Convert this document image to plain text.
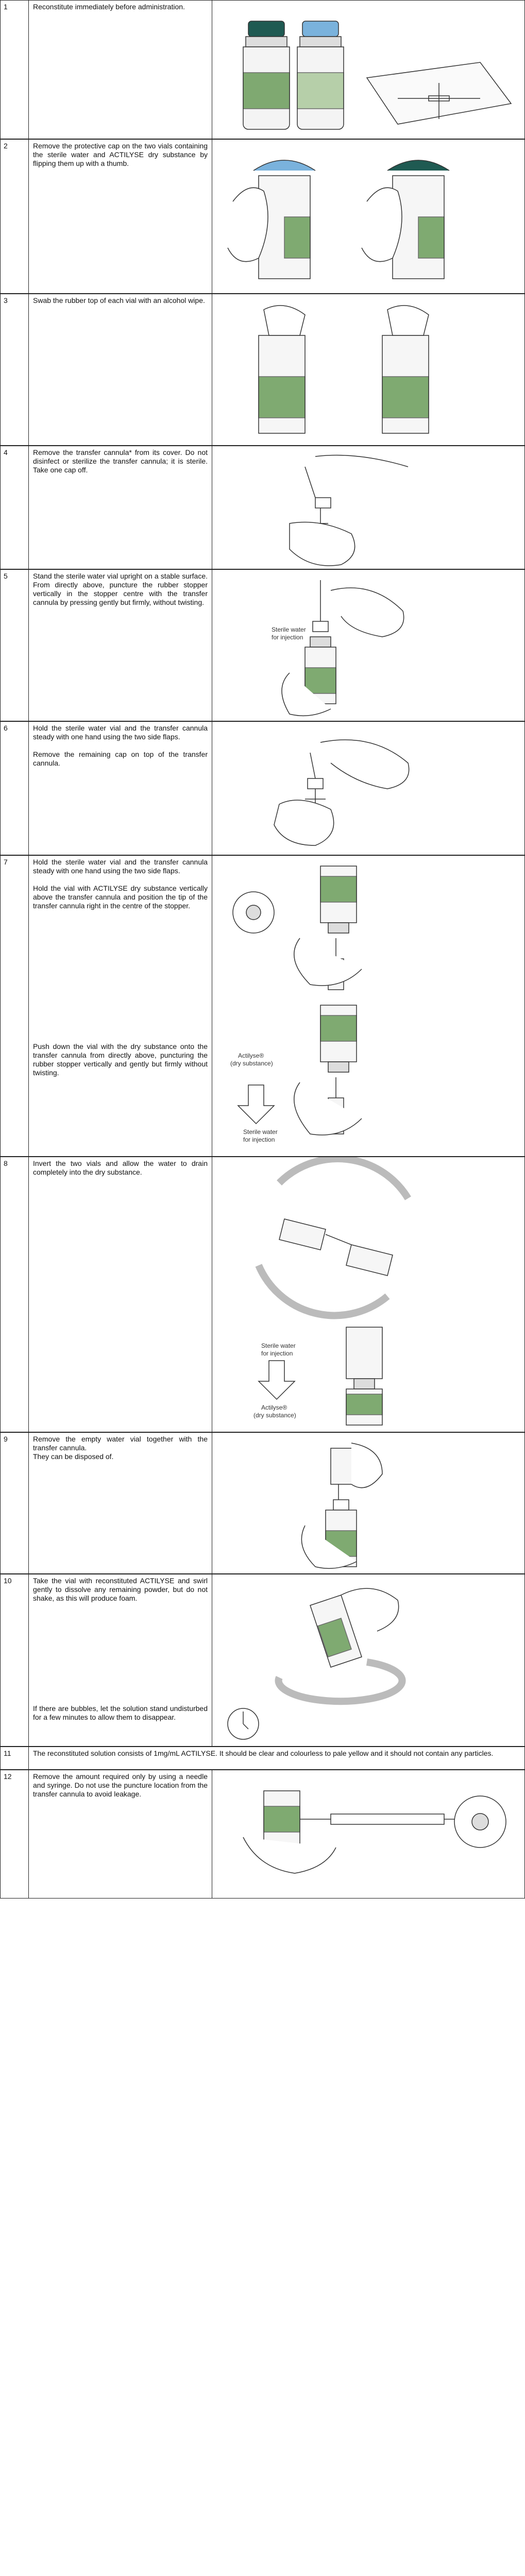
1	Reconstitute immediately before administration.
2	Remove the protective cap on the two vials containing the sterile water and ACTILYSE dry substance by flipping them up with a thumb.
3	Swab the rubber top of each vial with an alcohol wipe.
4	Remove the transfer cannula* from its cover. Do not disinfect or sterilize the transfer cannula; it is sterile. Take one cap off.
5	Stand the sterile water vial upright on a stable surface. From directly above, puncture the rubber stopper vertically in the stopper centre with the transfer cannula by pressing gently but firmly, without twisting.
Sterile water
for injection
6	Hold the sterile water vial and the transfer cannula steady with one hand using the two side flaps.
Remove the remaining cap on top of the transfer cannula.
7	Hold the sterile water vial and the transfer cannula steady with one hand using the two side flaps.
Hold the vial with ACTILYSE dry substance vertically above the transfer cannula and position the tip of the transfer cannula right in the centre of the stopper.
Push down the vial with the dry substance onto the transfer cannula from directly above, puncturing the rubber stopper vertically and gently but firmly without twisting.
Actilyse®
(dry substance)
Sterile water
for injection
8	Invert the two vials and allow the water to drain completely into the dry substance.
Sterile water
for injection
Actilyse®
(dry substance)
9	Remove the empty water vial together with the transfer cannula.
They can be disposed of.
10	Take the vial with reconstituted ACTILYSE and swirl gently to dissolve any remaining powder, but do not shake, as this will produce foam.
If there are bubbles, let the solution stand undisturbed for a few minutes to allow them to disappear.
11	The reconstituted solution consists of 1mg/mL ACTILYSE. It should be clear and colourless to pale yellow and it should not contain any particles.
12	Remove the amount required only by using a needle and syringe. Do not use the puncture location from the transfer cannula to avoid leakage.
